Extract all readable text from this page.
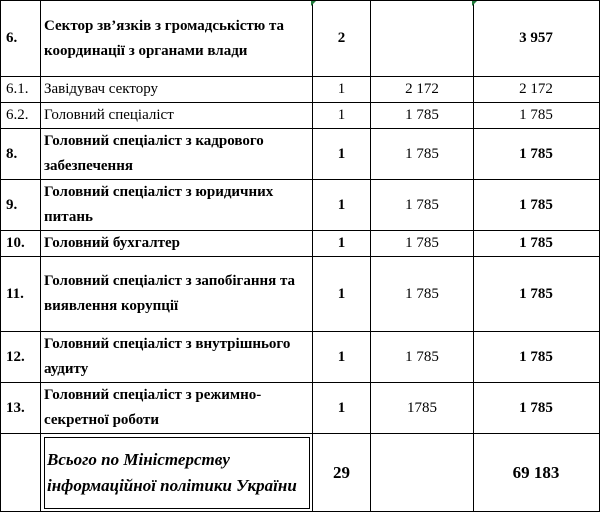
6.	Сектор зв’язків з громадськістю та координації з органами влади	2		3 957
6.1.	Завідувач сектору	1	2 172	2 172
6.2.	Головний спеціаліст	1	1 785	1 785
8.	Головний спеціаліст з кадрового забезпечення	1	1 785	1 785
9.	Головний спеціаліст з юридичних питань	1	1 785	1 785
10.	Головний бухгалтер	1	1 785	1 785
11.	Головний спеціаліст з запобігання та виявлення корупції	1	1 785	1 785
12.	Головний спеціаліст з внутрішнього аудиту	1	1 785	1 785
13.	Головний спеціаліст з режимно-секретної роботи	1	1785	1 785
	Всього по Міністерству інформаційної політики України	29		69 183
